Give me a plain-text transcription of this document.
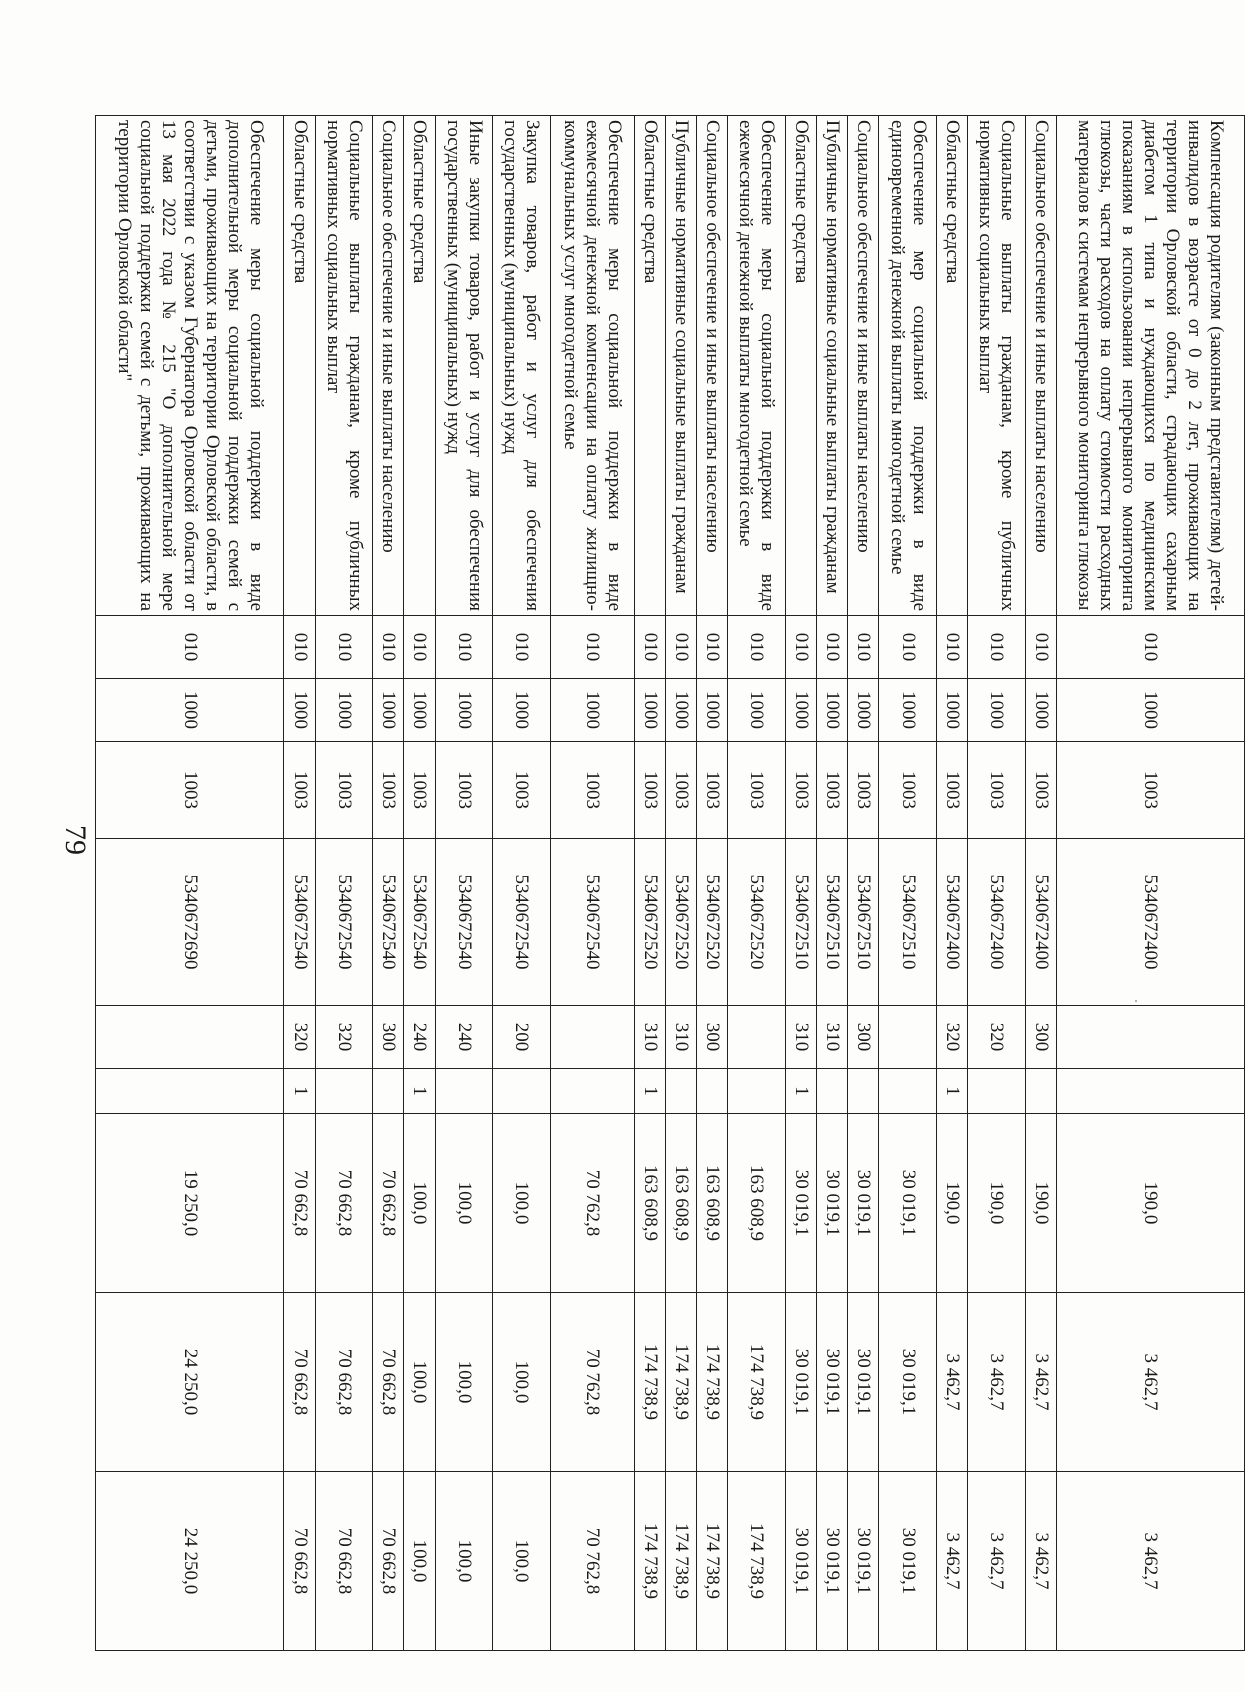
79
Компенсация родителям (законным представителям) детей-инвалидов в возрасте от 0 до 2 лет, проживающих на территории Орловской области, страдающих сахарным диабетом 1 типа и нуждающихся по медицинским показаниям в использовании непрерывного мониторинга глюкозы, части расходов на оплату стоимости расходных материалов к системам непрерывного мониторинга глюкозы	010	1000	1003	5340672400			190,0	3 462,7	3 462,7
Социальное обеспечение и иные выплаты населению	010	1000	1003	5340672400	300		190,0	3 462,7	3 462,7
Социальные выплаты гражданам, кроме публичных нормативных социальных выплат	010	1000	1003	5340672400	320		190,0	3 462,7	3 462,7
Областные средства	010	1000	1003	5340672400	320	1	190,0	3 462,7	3 462,7
Обеспечение мер социальной поддержки в виде единовременной денежной выплаты многодетной семье	010	1000	1003	5340672510			30 019,1	30 019,1	30 019,1
Социальное обеспечение и иные выплаты населению	010	1000	1003	5340672510	300		30 019,1	30 019,1	30 019,1
Публичные нормативные социальные выплаты гражданам	010	1000	1003	5340672510	310		30 019,1	30 019,1	30 019,1
Областные средства	010	1000	1003	5340672510	310	1	30 019,1	30 019,1	30 019,1
Обеспечение меры социальной поддержки в виде ежемесячной денежной выплаты многодетной семье	010	1000	1003	5340672520			163 608,9	174 738,9	174 738,9
Социальное обеспечение и иные выплаты населению	010	1000	1003	5340672520	300		163 608,9	174 738,9	174 738,9
Публичные нормативные социальные выплаты гражданам	010	1000	1003	5340672520	310		163 608,9	174 738,9	174 738,9
Областные средства	010	1000	1003	5340672520	310	1	163 608,9	174 738,9	174 738,9
Обеспечение меры социальной поддержки в виде ежемесячной денежной компенсации на оплату жилищно-коммунальных услуг многодетной семье	010	1000	1003	5340672540			70 762,8	70 762,8	70 762,8
Закупка товаров, работ и услуг для обеспечения государственных (муниципальных) нужд	010	1000	1003	5340672540	200		100,0	100,0	100,0
Иные закупки товаров, работ и услуг для обеспечения государственных (муниципальных) нужд	010	1000	1003	5340672540	240		100,0	100,0	100,0
Областные средства	010	1000	1003	5340672540	240	1	100,0	100,0	100,0
Социальное обеспечение и иные выплаты населению	010	1000	1003	5340672540	300		70 662,8	70 662,8	70 662,8
Социальные выплаты гражданам, кроме публичных нормативных социальных выплат	010	1000	1003	5340672540	320		70 662,8	70 662,8	70 662,8
Областные средства	010	1000	1003	5340672540	320	1	70 662,8	70 662,8	70 662,8
Обеспечение меры социальной поддержки в виде дополнительной меры социальной поддержки семей с детьми, проживающих на территории Орловской области, в соответствии с указом Губернатора Орловской области от 13 мая 2022 года № 215 "О дополнительной мере социальной поддержки семей с детьми, проживающих на территории Орловской области"	010	1000	1003	5340672690			19 250,0	24 250,0	24 250,0
